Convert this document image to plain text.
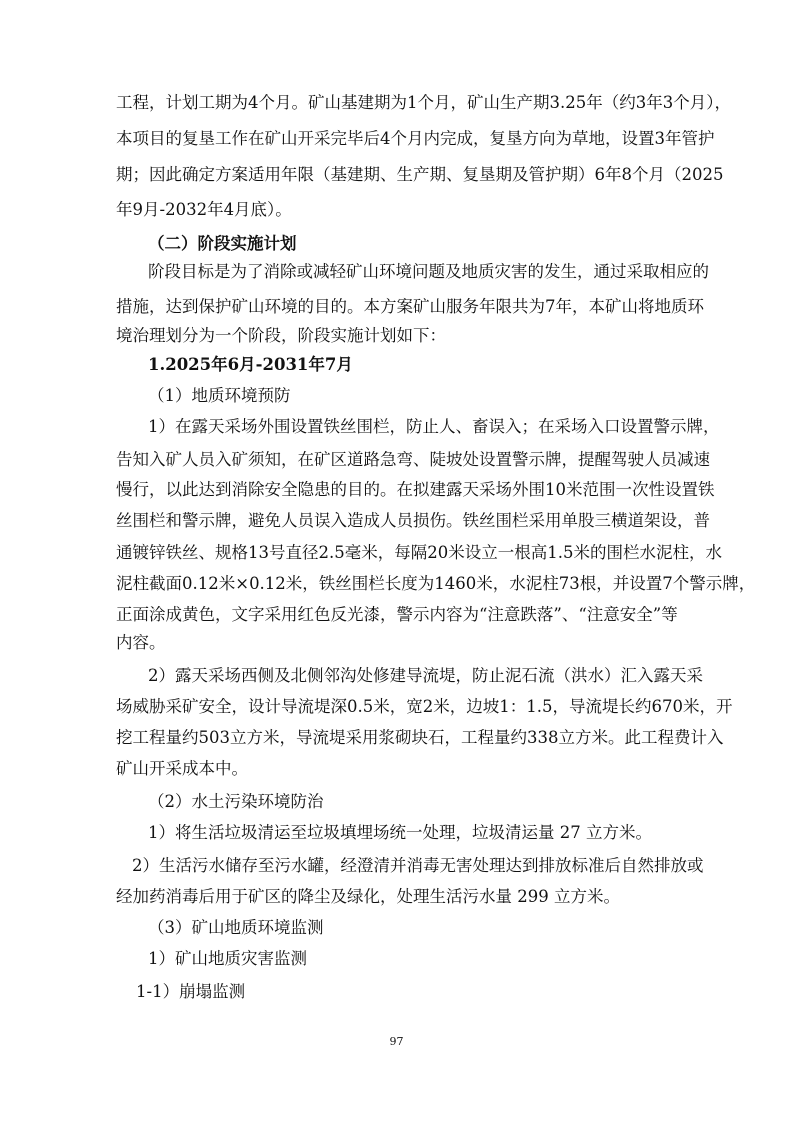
工程，计划工期为4个月。矿山基建期为1个月，矿山生产期3.25年（约3年3个月），
本项目的复垦工作在矿山开采完毕后4个月内完成，复垦方向为草地，设置3年管护
期；因此确定方案适用年限（基建期、生产期、复垦期及管护期）6年8个月（2025
年9月-2032年4月底）。
（二）阶段实施计划
阶段目标是为了消除或减轻矿山环境问题及地质灾害的发生，通过采取相应的
措施，达到保护矿山环境的目的。本方案矿山服务年限共为7年，本矿山将地质环
境治理划分为一个阶段，阶段实施计划如下：
1.2025年6月-2031年7月
（1）地质环境预防
1）在露天采场外围设置铁丝围栏，防止人、畜误入；在采场入口设置警示牌，
告知入矿人员入矿须知，在矿区道路急弯、陡坡处设置警示牌，提醒驾驶人员减速
慢行，以此达到消除安全隐患的目的。在拟建露天采场外围10米范围一次性设置铁
丝围栏和警示牌，避免人员误入造成人员损伤。铁丝围栏采用单股三横道架设，普
通镀锌铁丝、规格13号直径2.5毫米，每隔20米设立一根高1.5米的围栏水泥柱，水
泥柱截面0.12米×0.12米，铁丝围栏长度为1460米，水泥柱73根，并设置7个警示牌，
正面涂成黄色，文字采用红色反光漆，警示内容为“注意跌落”、“注意安全”等
内容。
2）露天采场西侧及北侧邻沟处修建导流堤，防止泥石流（洪水）汇入露天采
场威胁采矿安全，设计导流堤深0.5米，宽2米，边坡1：1.5，导流堤长约670米，开
挖工程量约503立方米，导流堤采用浆砌块石，工程量约338立方米。此工程费计入
矿山开采成本中。
（2）水土污染环境防治
1）将生活垃圾清运至垃圾填埋场统一处理，垃圾清运量 27 立方米。
2）生活污水储存至污水罐，经澄清并消毒无害处理达到排放标准后自然排放或
经加药消毒后用于矿区的降尘及绿化，处理生活污水量 299 立方米。
（3）矿山地质环境监测
1）矿山地质灾害监测
1-1）崩塌监测
97
